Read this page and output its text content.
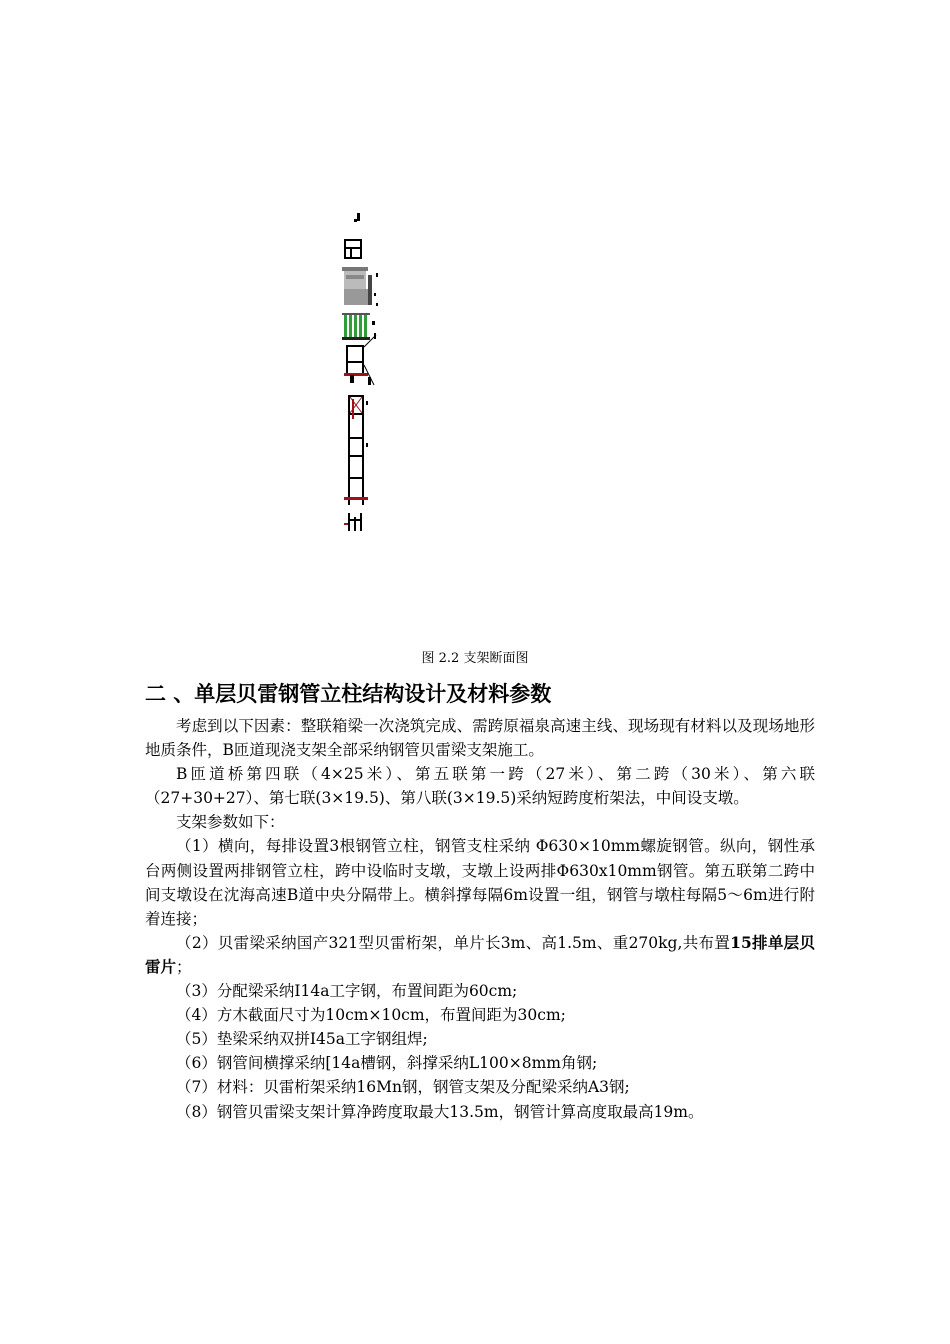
图 2.2 支架断面图
二 、单层贝雷钢管立柱结构设计及材料参数

考虑到以下因素：整联箱梁一次浇筑完成、需跨原福泉高速主线、现场现有材料以及现场地形地质条件，B匝道现浇支架全部采纳钢管贝雷梁支架施工。

B匝道桥第四联（4×25米）、第五联第一跨（27米）、第二跨（30米）、第六联（27+30+27）、第七联(3×19.5)、第八联(3×19.5)采纳短跨度桁架法，中间设支墩。

支架参数如下：

（1）横向，每排设置3根钢管立柱，钢管支柱采纳 Φ630×10mm螺旋钢管。纵向，钢性承台两侧设置两排钢管立柱，跨中设临时支墩，支墩上设两排Φ630x10mm钢管。第五联第二跨中间支墩设在沈海高速B道中央分隔带上。横斜撑每隔6m设置一组，钢管与墩柱每隔5～6m进行附着连接；

（2）贝雷梁采纳国产321型贝雷桁架，单片长3m、高1.5m、重270kg,共布置15排单层贝雷片；

（3）分配梁采纳I14a工字钢，布置间距为60cm;

（4）方木截面尺寸为10cm×10cm，布置间距为30cm;

（5）垫梁采纳双拼I45a工字钢组焊;

（6）钢管间横撑采纳[14a槽钢，斜撑采纳L100×8mm角钢;

（7）材料：贝雷桁架采纳16Mn钢，钢管支架及分配梁采纳A3钢;

（8）钢管贝雷梁支架计算净跨度取最大13.5m，钢管计算高度取最高19m。
